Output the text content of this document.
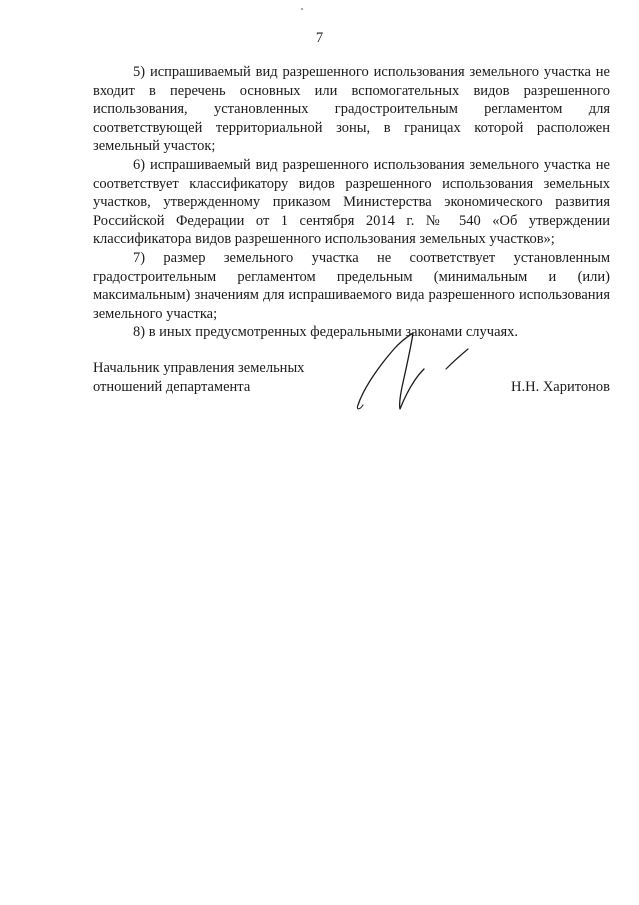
7

5) испрашиваемый вид разрешенного использования земельного участка не входит в перечень основных или вспомогательных видов разрешенного использования, установленных градостроительным регламентом для соответствующей территориальной зоны, в границах которой расположен земельный участок;

6) испрашиваемый вид разрешенного использования земельного участка не соответствует классификатору видов разрешенного использования земельных участков, утвержденному приказом Министерства экономического развития Российской Федерации от 1 сентября 2014 г. № 540 «Об утверждении классификатора видов разрешенного использования земельных участков»;

7) размер земельного участка не соответствует установленным градостроительным регламентом предельным (минимальным и (или) максимальным) значениям для испрашиваемого вида разрешенного использования земельного участка;

8) в иных предусмотренных федеральными законами случаях.

Начальник управления земельных
отношений департамента	Н.Н. Харитонов
